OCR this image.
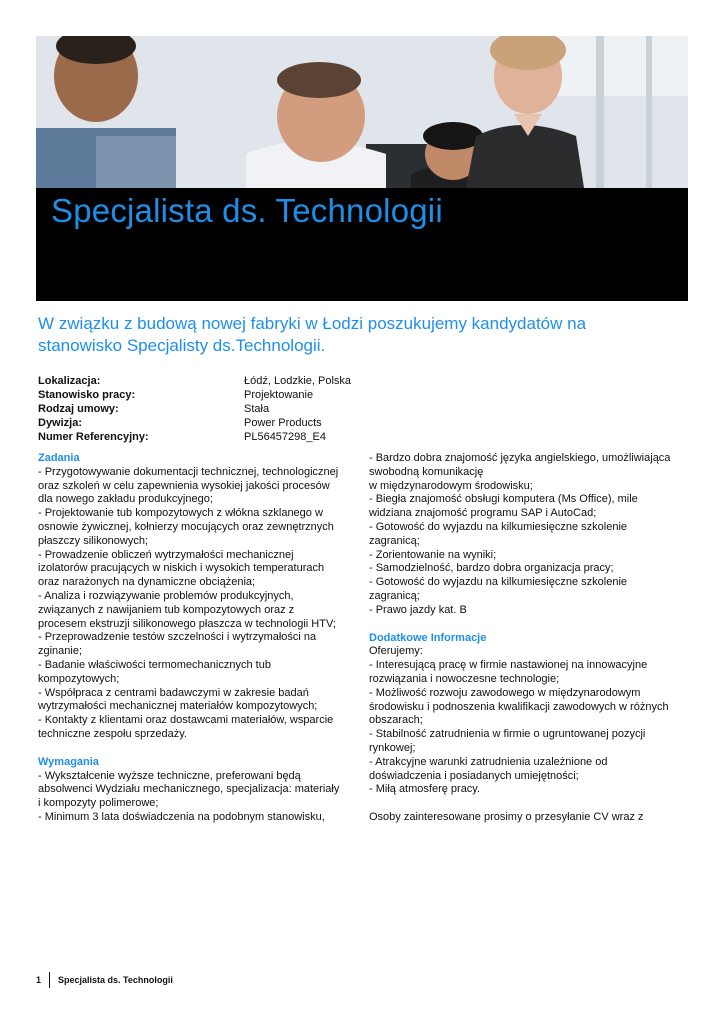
Specjalista ds. Technologii

W związku z budową nowej fabryki w Łodzi poszukujemy kandydatów na stanowisko Specjalisty ds.Technologii.

Lokalizacja:	Łódź, Lodzkie, Polska
Stanowisko pracy:	Projektowanie
Rodzaj umowy:	Stała
Dywizja:	Power Products
Numer Referencyjny:	PL56457298_E4

Zadania

- Przygotowywanie dokumentacji technicznej, technologicznej

oraz szkoleń w celu zapewnienia wysokiej jakości procesów

dla nowego zakładu produkcyjnego;

- Projektowanie tub kompozytowych z włókna szklanego w

osnowie żywicznej, kołnierzy mocujących oraz zewnętrznych

płaszczy silikonowych;

- Prowadzenie obliczeń wytrzymałości mechanicznej

izolatorów pracujących w niskich i wysokich temperaturach

oraz narażonych na dynamiczne obciążenia;

- Analiza i rozwiązywanie problemów produkcyjnych,

związanych z nawijaniem tub kompozytowych oraz z

procesem ekstruzji silikonowego płaszcza w technologii HTV;

- Przeprowadzenie testów szczelności i wytrzymałości na

zginanie;

- Badanie właściwości termomechanicznych tub

kompozytowych;

- Współpraca z centrami badawczymi w zakresie badań

wytrzymałości mechanicznej materiałów kompozytowych;

- Kontakty z klientami oraz dostawcami materiałów, wsparcie

techniczne zespołu sprzedaży.

Wymagania

- Wykształcenie wyższe techniczne, preferowani będą

absolwenci Wydziału mechanicznego, specjalizacja: materiały

i kompozyty polimerowe;

- Minimum 3 lata doświadczenia na podobnym stanowisku,

- Bardzo dobra znajomość języka angielskiego, umożliwiająca

swobodną komunikację

w międzynarodowym środowisku;

- Biegła znajomość obsługi komputera (Ms Office), mile

widziana znajomość programu SAP i AutoCad;

- Gotowość do wyjazdu na kilkumiesięczne szkolenie

zagranicą;

- Zorientowanie na wyniki;

- Samodzielność, bardzo dobra organizacja pracy;

- Gotowość do wyjazdu na kilkumiesięczne szkolenie

zagranicą;

- Prawo jazdy kat. B

Dodatkowe Informacje

Oferujemy:

- Interesującą pracę w firmie nastawionej na innowacyjne

rozwiązania i nowoczesne technologie;

- Możliwość rozwoju zawodowego w międzynarodowym

środowisku i podnoszenia kwalifikacji zawodowych w różnych

obszarach;

- Stabilność zatrudnienia w firmie o ugruntowanej pozycji

rynkowej;

- Atrakcyjne warunki zatrudnienia uzależnione od

doświadczenia i posiadanych umiejętności;

- Miłą atmosferę pracy.

Osoby zainteresowane prosimy o przesyłanie CV wraz z

1 Specjalista ds. Technologii
